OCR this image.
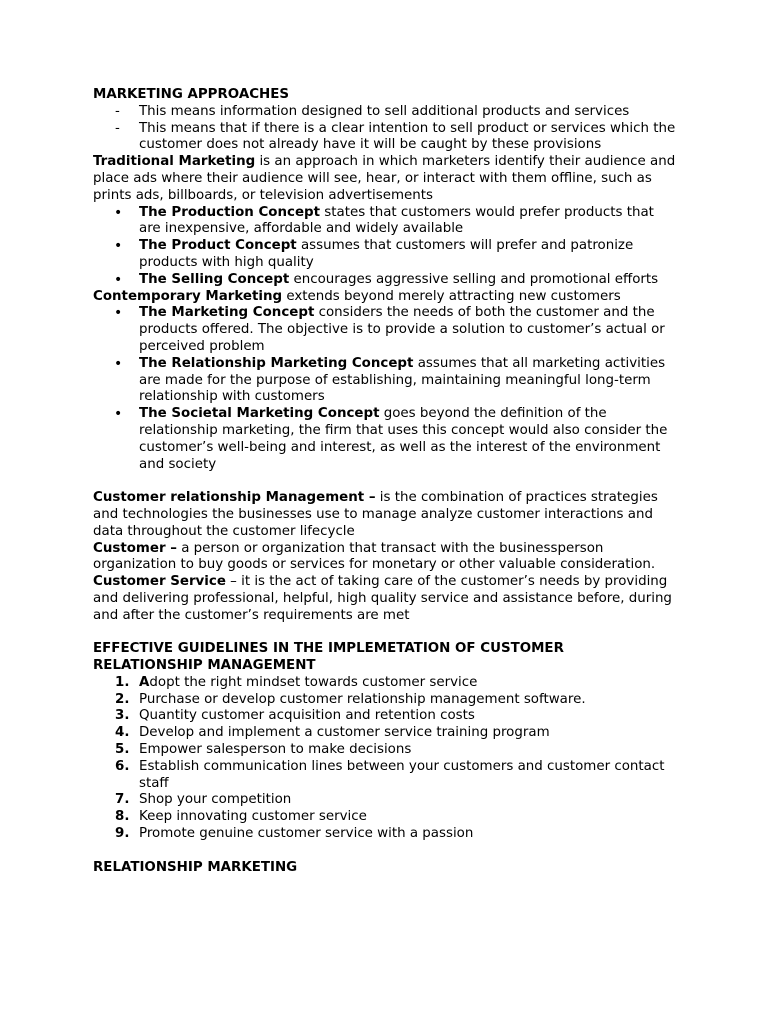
MARKETING APPROACHES

-	This means information designed to sell additional products and services
-	This means that if there is a clear intention to sell product or services which the customer does not already have it will be caught by these provisions

Traditional Marketing is an approach in which marketers identify their audience and place ads where their audience will see, hear, or interact with them offline, such as prints ads, billboards, or television advertisements

•	The Production Concept states that customers would prefer products that are inexpensive, affordable and widely available
•	The Product Concept assumes that customers will prefer and patronize products with high quality
•	The Selling Concept encourages aggressive selling and promotional efforts

Contemporary Marketing extends beyond merely attracting new customers

•	The Marketing Concept considers the needs of both the customer and the products offered. The objective is to provide a solution to customer’s actual or perceived problem
•	The Relationship Marketing Concept assumes that all marketing activities are made for the purpose of establishing, maintaining meaningful long-term relationship with customers
•	The Societal Marketing Concept goes beyond the definition of the relationship marketing, the firm that uses this concept would also consider the customer’s well-being and interest, as well as the interest of the environment and society

Customer relationship Management – is the combination of practices strategies and technologies the businesses use to manage analyze customer interactions and data throughout the customer lifecycle

Customer – a person or organization that transact with the businessperson organization to buy goods or services for monetary or other valuable consideration.

Customer Service – it is the act of taking care of the customer’s needs by providing and delivering professional, helpful, high quality service and assistance before, during and after the customer’s requirements are met

EFFECTIVE GUIDELINES IN THE IMPLEMETATION OF CUSTOMER RELATIONSHIP MANAGEMENT

1. Adopt the right mindset towards customer service
2. Purchase or develop customer relationship management software.
3. Quantity customer acquisition and retention costs
4. Develop and implement a customer service training program
5. Empower salesperson to make decisions
6. Establish communication lines between your customers and customer contact staff
7. Shop your competition
8. Keep innovating customer service
9. Promote genuine customer service with a passion

RELATIONSHIP MARKETING
